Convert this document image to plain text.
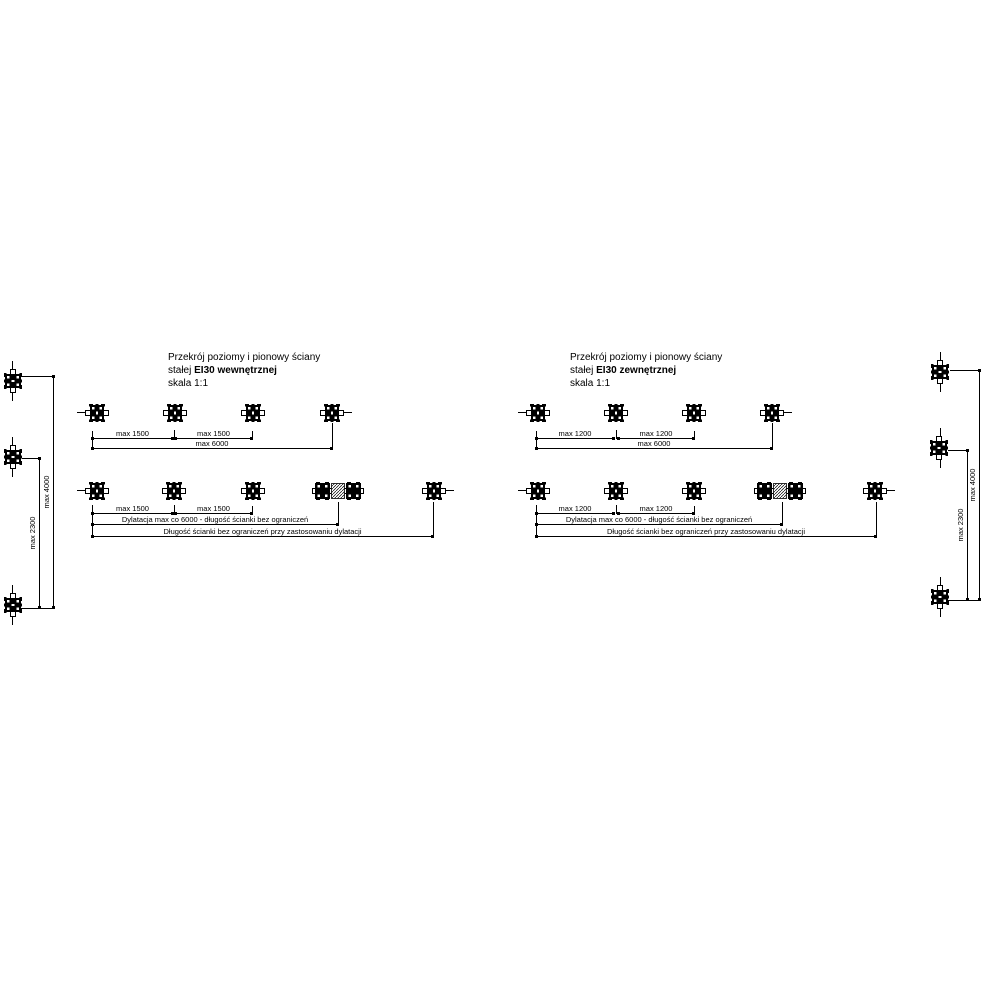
Przekrój poziomy i pionowy ściany
stałej EI30 wewnętrznej
skala 1:1
max 1500	max 1500
max 6000
max 1500	max 1500
Dylatacja max co 6000 - długość ścianki bez ograniczeń
Długość ścianki bez ograniczeń przy zastosowaniu dylatacji
Przekrój poziomy i pionowy ściany
stałej EI30 zewnętrznej
skala 1:1
max 1200	max 1200
max 6000
max 1200	max 1200
Dylatacja max co 6000 - długość ścianki bez ograniczeń
Długość ścianki bez ograniczeń przy zastosowaniu dylatacji
max 2300
max 4000
max 2300
max 4000
